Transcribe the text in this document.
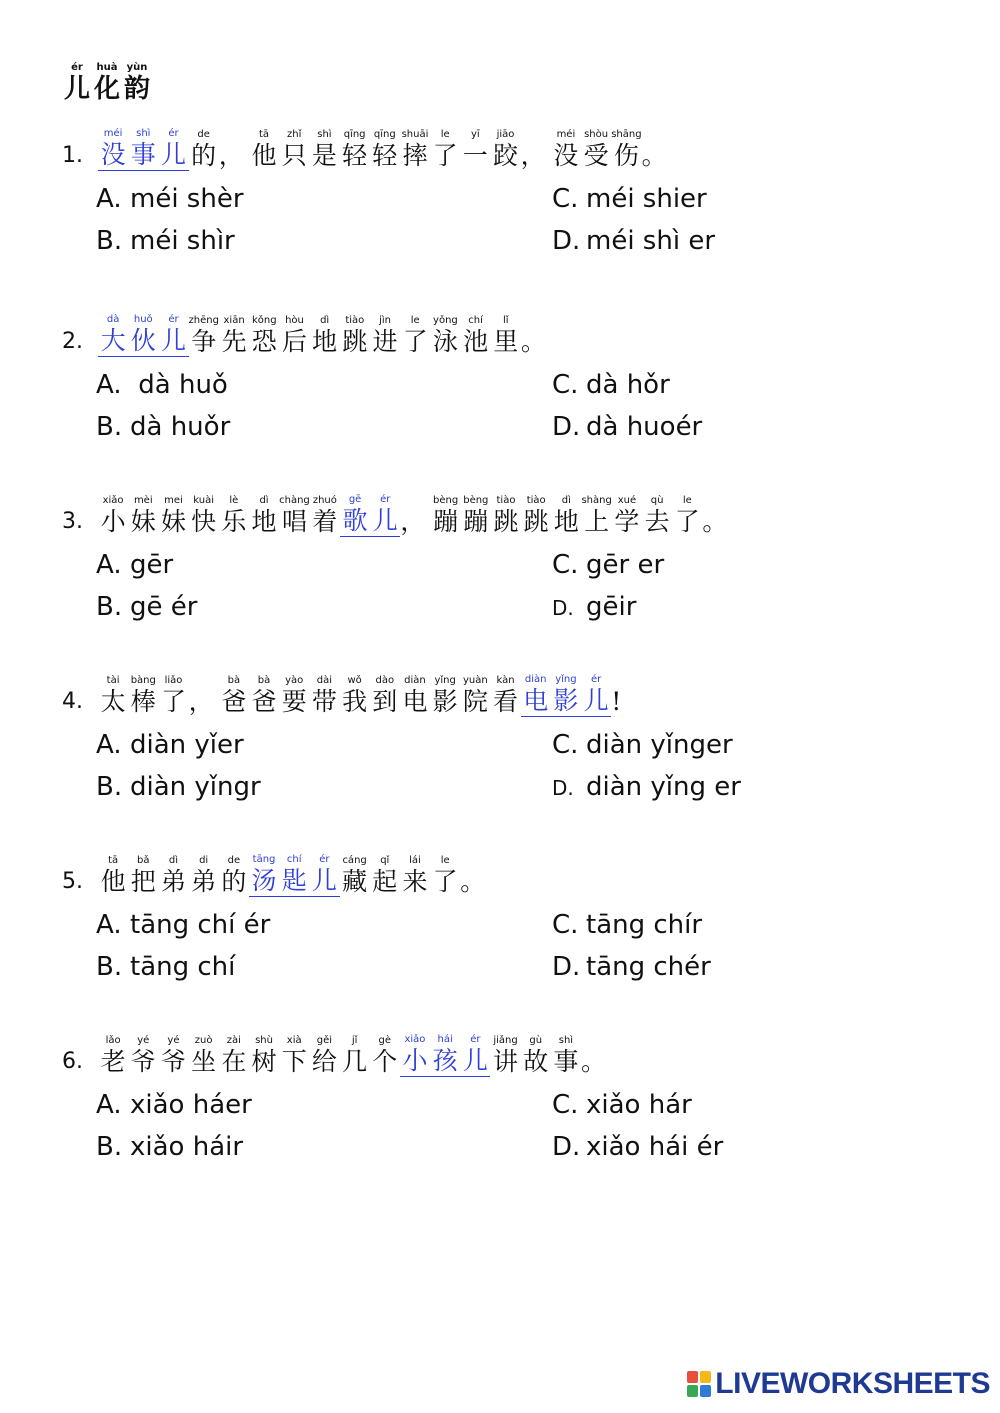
ér
儿
huà
化
yùn
韵
1.
méi
没
shì
事
ér
儿
de
的 ，
tā
他
zhǐ
只
shì
是
qīng
轻
qīng
轻
shuāi
摔
le
了
yī
一
jiāo
跤 ，
méi
没
shòu
受
shāng
伤 。
A. méi shèr
B. méi shìr
C. méi shier
D. méi shì er
2.
dà
大
huǒ
伙
ér
儿
zhēng
争
xiān
先
kǒng
恐
hòu
后
dì
地
tiào
跳
jìn
进
le
了
yǒng
泳
chí
池
lǐ
里 。
A. dà huǒ
B. dà huǒr
C. dà hǒr
D. dà huoér
3.
xiǎo
小
mèi
妹
mei
妹
kuài
快
lè
乐
dì
地
chàng
唱
zhuó
着
gē
歌
ér
儿 ，
bèng
蹦
bèng
蹦
tiào
跳
tiào
跳
dì
地
shàng
上
xué
学
qù
去
le
了 。
A. gēr
B. gē ér
C. gēr er
D. gēir
4.
tài
太
bàng
棒
liǎo
了 ，
bà
爸
bà
爸
yào
要
dài
带
wǒ
我
dào
到
diàn
电
yǐng
影
yuàn
院
kàn
看
diàn
电
yǐng
影
ér
儿 !
A. diàn yǐer
B. diàn yǐngr
C. diàn yǐnger
D. diàn yǐng er
5.
tā
他
bǎ
把
dì
弟
di
弟
de
的
tāng
汤
chí
匙
ér
儿
cáng
藏
qǐ
起
lái
来
le
了 。
A. tāng chí ér
B. tāng chí
C. tāng chír
D. tāng chér
6.
lǎo
老
yé
爷
yé
爷
zuò
坐
zài
在
shù
树
xià
下
gěi
给
jǐ
几
gè
个
xiǎo
小
hái
孩
ér
儿
jiǎng
讲
gù
故
shì
事 。
A. xiǎo háer
B. xiǎo háir
C. xiǎo hár
D. xiǎo hái ér
LIVEWORKSHEETS
